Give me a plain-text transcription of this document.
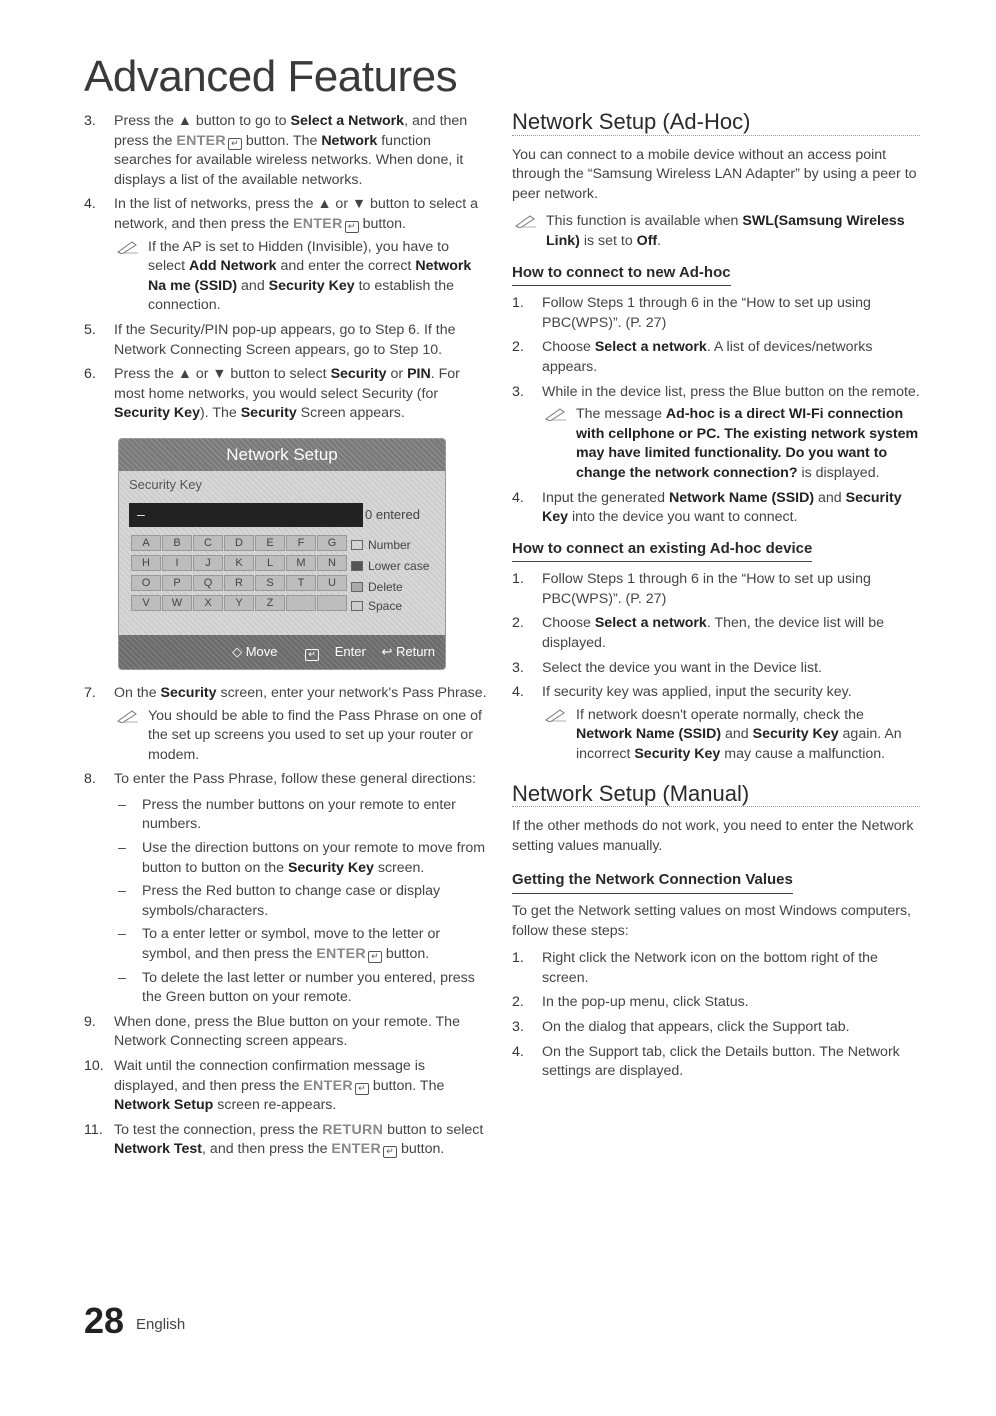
Advanced Features
3.	Press the ▲ button to go to Select a Network, and then press the ENTER ↵ button. The Network function searches for available wireless networks. When done, it displays a list of the available networks.
4.	In the list of networks, press the ▲ or ▼ button to select a network, and then press the ENTER ↵ button.
If the AP is set to Hidden (Invisible), you have to select Add Network and enter the correct Network Na me (SSID) and Security Key to establish the connection.
5.	If the Security/PIN pop-up appears, go to Step 6. If the Network Connecting Screen appears, go to Step 10.
6.	Press the ▲ or ▼ button to select Security or PIN. For most home networks, you would select Security (for Security Key). The Security Screen appears.
Network Setup
Security Key
–	0 entered
A	B	C	D	E	F	G
H	I	J	K	L	M	N
O	P	Q	R	S	T	U
V	W	X	Y	Z
Number
Lower case
Delete
Space
◇ Move	↵ Enter ↩ Return
7.	On the Security screen, enter your network's Pass Phrase.
You should be able to find the Pass Phrase on one of the set up screens you used to set up your router or modem.
8.	To enter the Pass Phrase, follow these general directions:
– Press the number buttons on your remote to enter numbers.
– Use the direction buttons on your remote to move from button to button on the Security Key screen.
– Press the Red button to change case or display symbols/characters.
– To a enter letter or symbol, move to the letter or symbol, and then press the ENTER ↵ button.
– To delete the last letter or number you entered, press the Green button on your remote.
9.	When done, press the Blue button on your remote. The Network Connecting screen appears.
10. Wait until the connection confirmation message is displayed, and then press the ENTER ↵ button. The Network Setup screen re-appears.
11. To test the connection, press the RETURN button to select Network Test, and then press the ENTER ↵ button.
Network Setup (Ad-Hoc)

You can connect to a mobile device without an access point through the “Samsung Wireless LAN Adapter” by using a peer to peer network.

This function is available when SWL(Samsung Wireless Link) is set to Off.
How to connect to new Ad-hoc
1.	Follow Steps 1 through 6 in the “How to set up using PBC(WPS)”. (P. 27)
2.	Choose Select a network. A list of devices/networks appears.
3.	While in the device list, press the Blue button on the remote.
The message Ad-hoc is a direct WI-Fi connection with cellphone or PC. The existing network system may have limited functionality. Do you want to change the network connection? is displayed.
4.	Input the generated Network Name (SSID) and Security Key into the device you want to connect.
How to connect an existing Ad-hoc device
1.	Follow Steps 1 through 6 in the “How to set up using PBC(WPS)”. (P. 27)
2.	Choose Select a network. Then, the device list will be displayed.
3.	Select the device you want in the Device list.
4.	If security key was applied, input the security key.
If network doesn't operate normally, check the Network Name (SSID) and Security Key again. An incorrect Security Key may cause a malfunction.
Network Setup (Manual)

If the other methods do not work, you need to enter the Network setting values manually.

Getting the Network Connection Values

To get the Network setting values on most Windows computers, follow these steps:

1.	Right click the Network icon on the bottom right of the screen.
2.	In the pop-up menu, click Status.
3.	On the dialog that appears, click the Support tab.
4.	On the Support tab, click the Details button. The Network settings are displayed.
28 English
